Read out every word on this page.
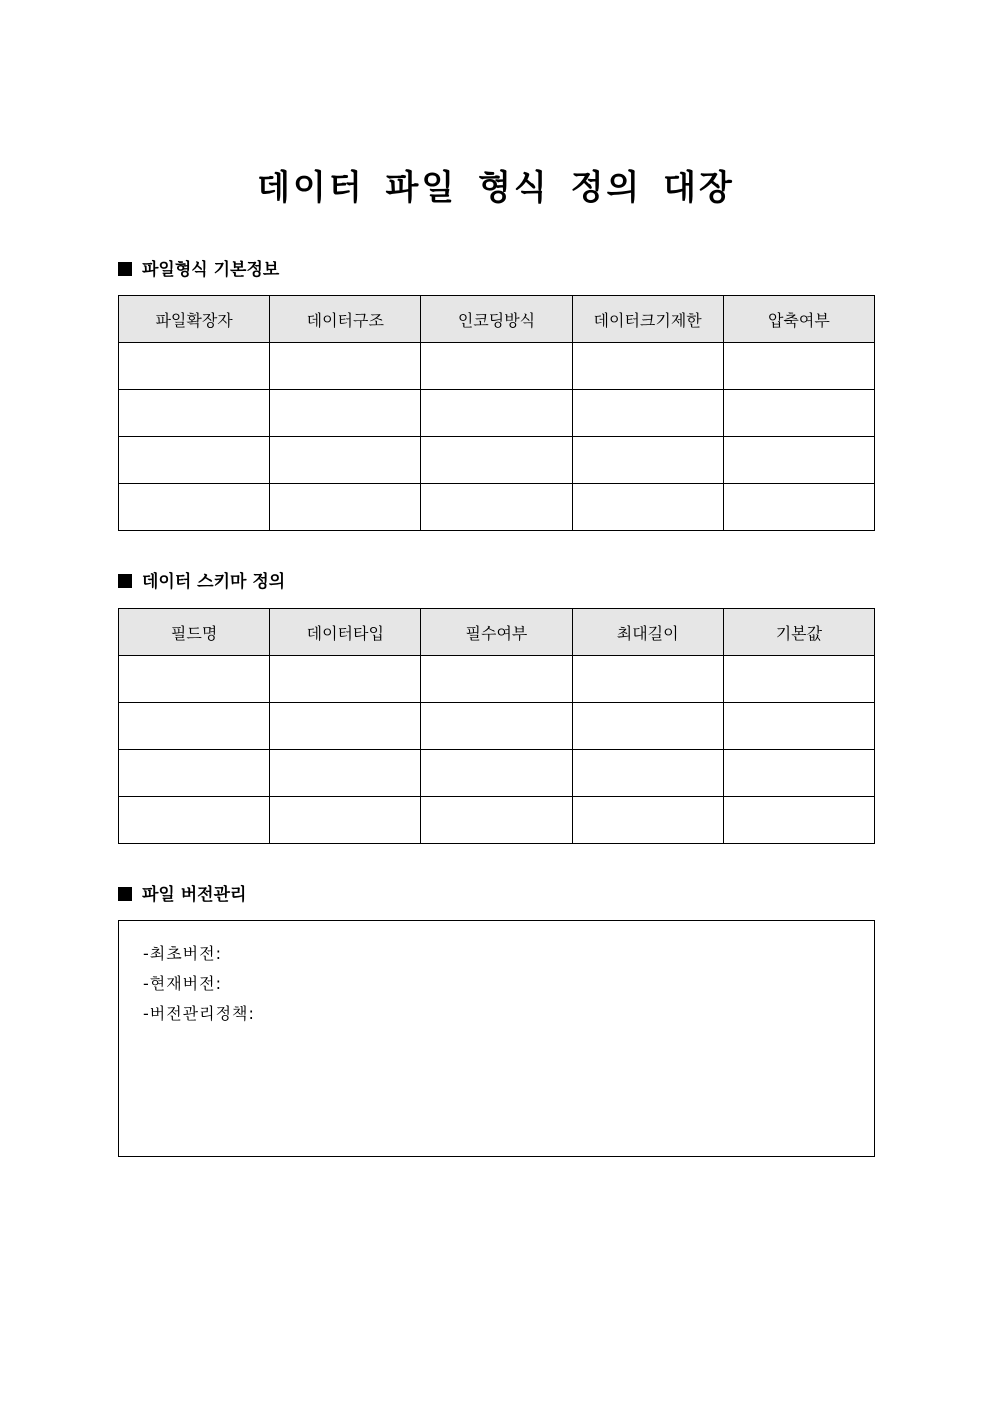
데이터 파일 형식 정의 대장
파일형식 기본정보
파일확장자	데이터구조	인코딩방식	데이터크기제한	압축여부

데이터 스키마 정의
필드명	데이터타입	필수여부	최대길이	기본값

파일 버전관리
-최초버전:
-현재버전:
-버전관리정책:
